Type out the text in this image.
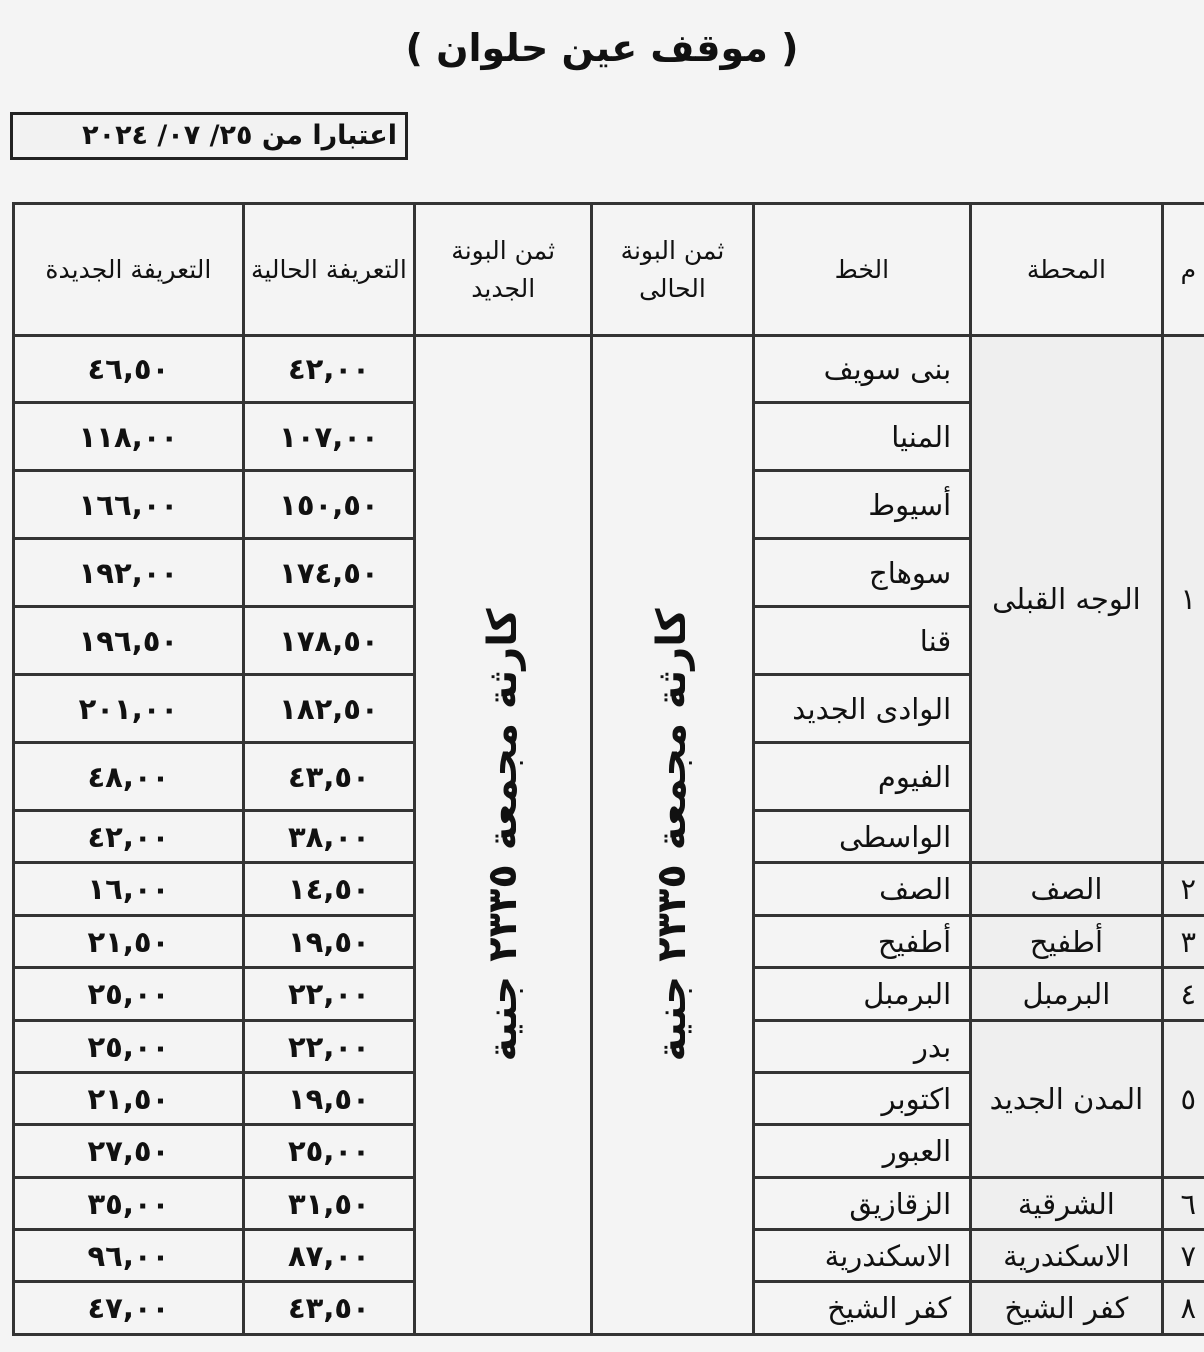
( موقف عين حلوان )
اعتبارا من ٢٥/ ٠٧/ ٢٠٢٤
م	المحطة	الخط	ثمن البونة الحالى	ثمن البونة الجديد	التعريفة الحالية	التعريفة الجديدة
١	الوجه القبلى	بنى سويف	كارثة مجمعة ٢٣٣٥ جنية	كارثة مجمعة ٢٣٣٥ جنية	٤٢,٠٠	٤٦,٥٠
		المنيا			١٠٧,٠٠	١١٨,٠٠
		أسيوط			١٥٠,٥٠	١٦٦,٠٠
		سوهاج			١٧٤,٥٠	١٩٢,٠٠
		قنا			١٧٨,٥٠	١٩٦,٥٠
		الوادى الجديد			١٨٢,٥٠	٢٠١,٠٠
		الفيوم			٤٣,٥٠	٤٨,٠٠
		الواسطى			٣٨,٠٠	٤٢,٠٠
٢	الصف	الصف			١٤,٥٠	١٦,٠٠
٣	أطفيح	أطفيح			١٩,٥٠	٢١,٥٠
٤	البرمبل	البرمبل			٢٢,٠٠	٢٥,٠٠
٥	المدن الجديد	بدر			٢٢,٠٠	٢٥,٠٠
		اكتوبر			١٩,٥٠	٢١,٥٠
		العبور			٢٥,٠٠	٢٧,٥٠
٦	الشرقية	الزقازيق			٣١,٥٠	٣٥,٠٠
٧	الاسكندرية	الاسكندرية			٨٧,٠٠	٩٦,٠٠
٨	كفر الشيخ	كفر الشيخ			٤٣,٥٠	٤٧,٠٠
